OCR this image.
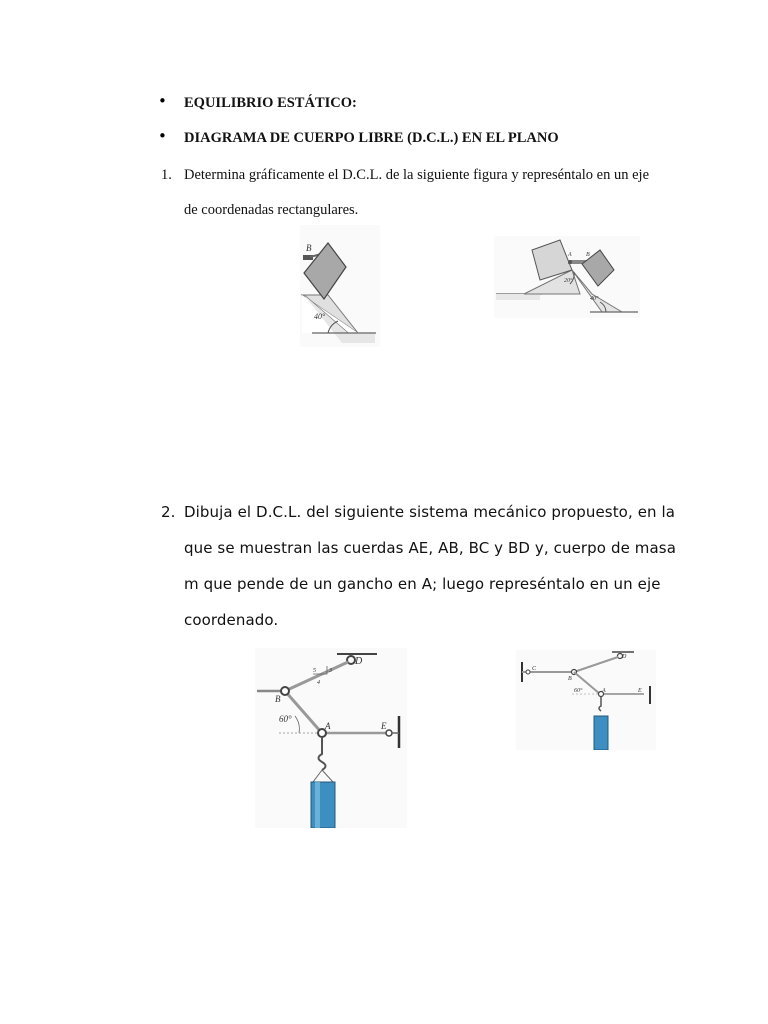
• EQUILIBRIO ESTÁTICO:
• DIAGRAMA DE CUERPO LIBRE (D.C.L.) EN EL PLANO
1. Determina gráficamente el D.C.L. de la siguiente figura y represéntalo en un eje
de coordenadas rectangulares.
B
40°
A B
20°
40°
2. Dibuja el D.C.L. del siguiente sistema mecánico propuesto, en la
que se muestran las cuerdas AE, AB, BC y BD y, cuerpo de masa
m que pende de un gancho en A; luego represéntalo en un eje
coordenado.
D
B
A	E
60°
5 3
4
C
D
B
A	E
60°
